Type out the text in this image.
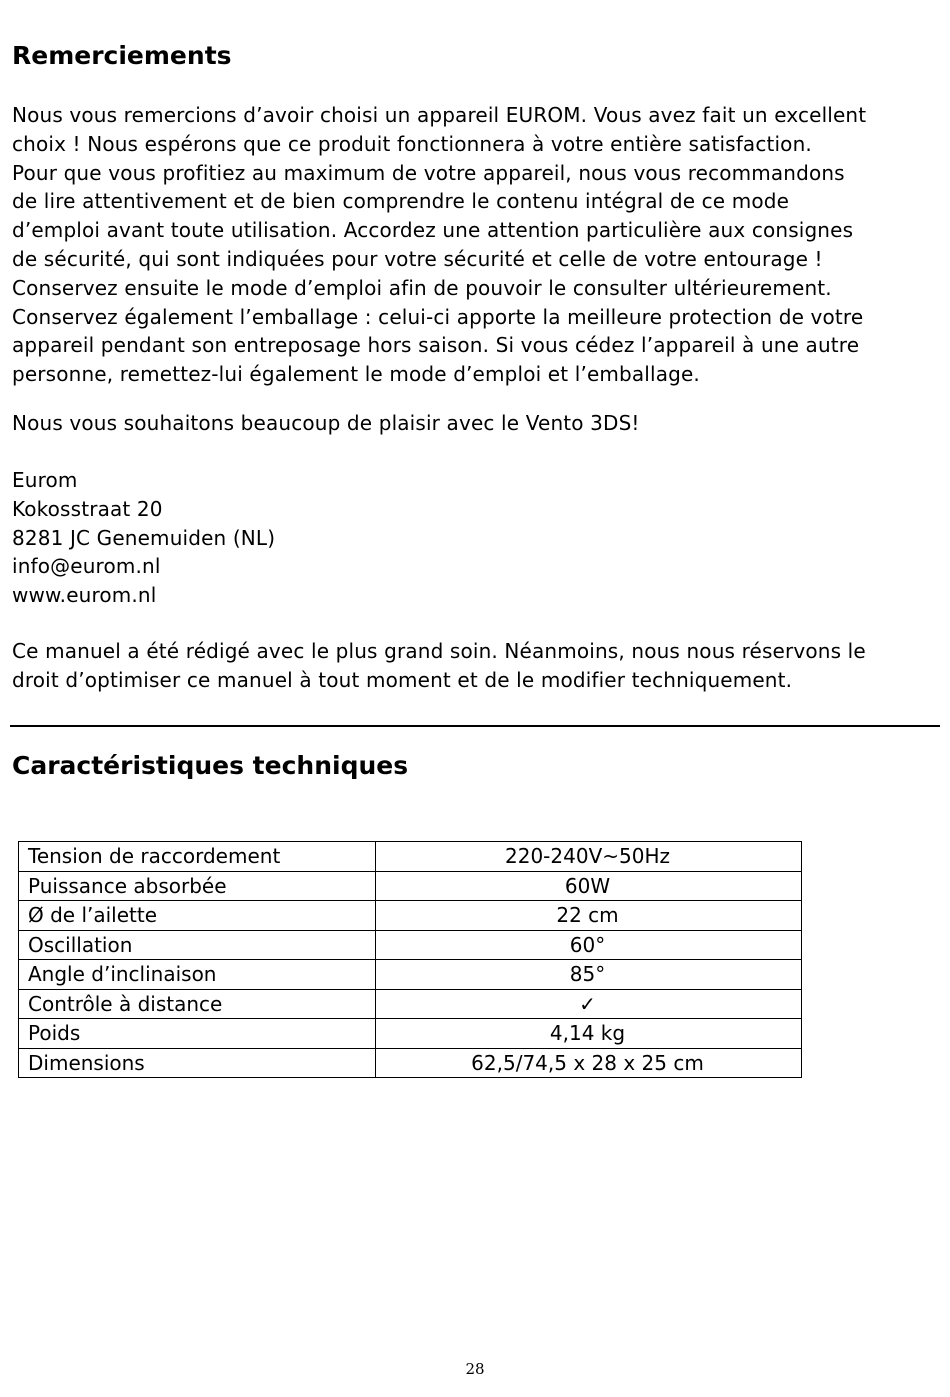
Remerciements

Nous vous remercions d’avoir choisi un appareil EUROM. Vous avez fait un excellent
choix ! Nous espérons que ce produit fonctionnera à votre entière satisfaction.
Pour que vous profitiez au maximum de votre appareil, nous vous recommandons
de lire attentivement et de bien comprendre le contenu intégral de ce mode
d’emploi avant toute utilisation. Accordez une attention particulière aux consignes
de sécurité, qui sont indiquées pour votre sécurité et celle de votre entourage !
Conservez ensuite le mode d’emploi afin de pouvoir le consulter ultérieurement.
Conservez également l’emballage : celui-ci apporte la meilleure protection de votre
appareil pendant son entreposage hors saison. Si vous cédez l’appareil à une autre
personne, remettez-lui également le mode d’emploi et l’emballage.

Nous vous souhaitons beaucoup de plaisir avec le Vento 3DS!

Eurom
Kokosstraat 20
8281 JC Genemuiden (NL)
info@eurom.nl
www.eurom.nl

Ce manuel a été rédigé avec le plus grand soin. Néanmoins, nous nous réservons le
droit d’optimiser ce manuel à tout moment et de le modifier techniquement.

Caractéristiques techniques
Tension de raccordement	220-240V~50Hz
Puissance absorbée	60W
Ø de l’ailette	22 cm
Oscillation	60°
Angle d’inclinaison	85°
Contrôle à distance	✓
Poids	4,14 kg
Dimensions	62,5/74,5 x 28 x 25 cm
28
